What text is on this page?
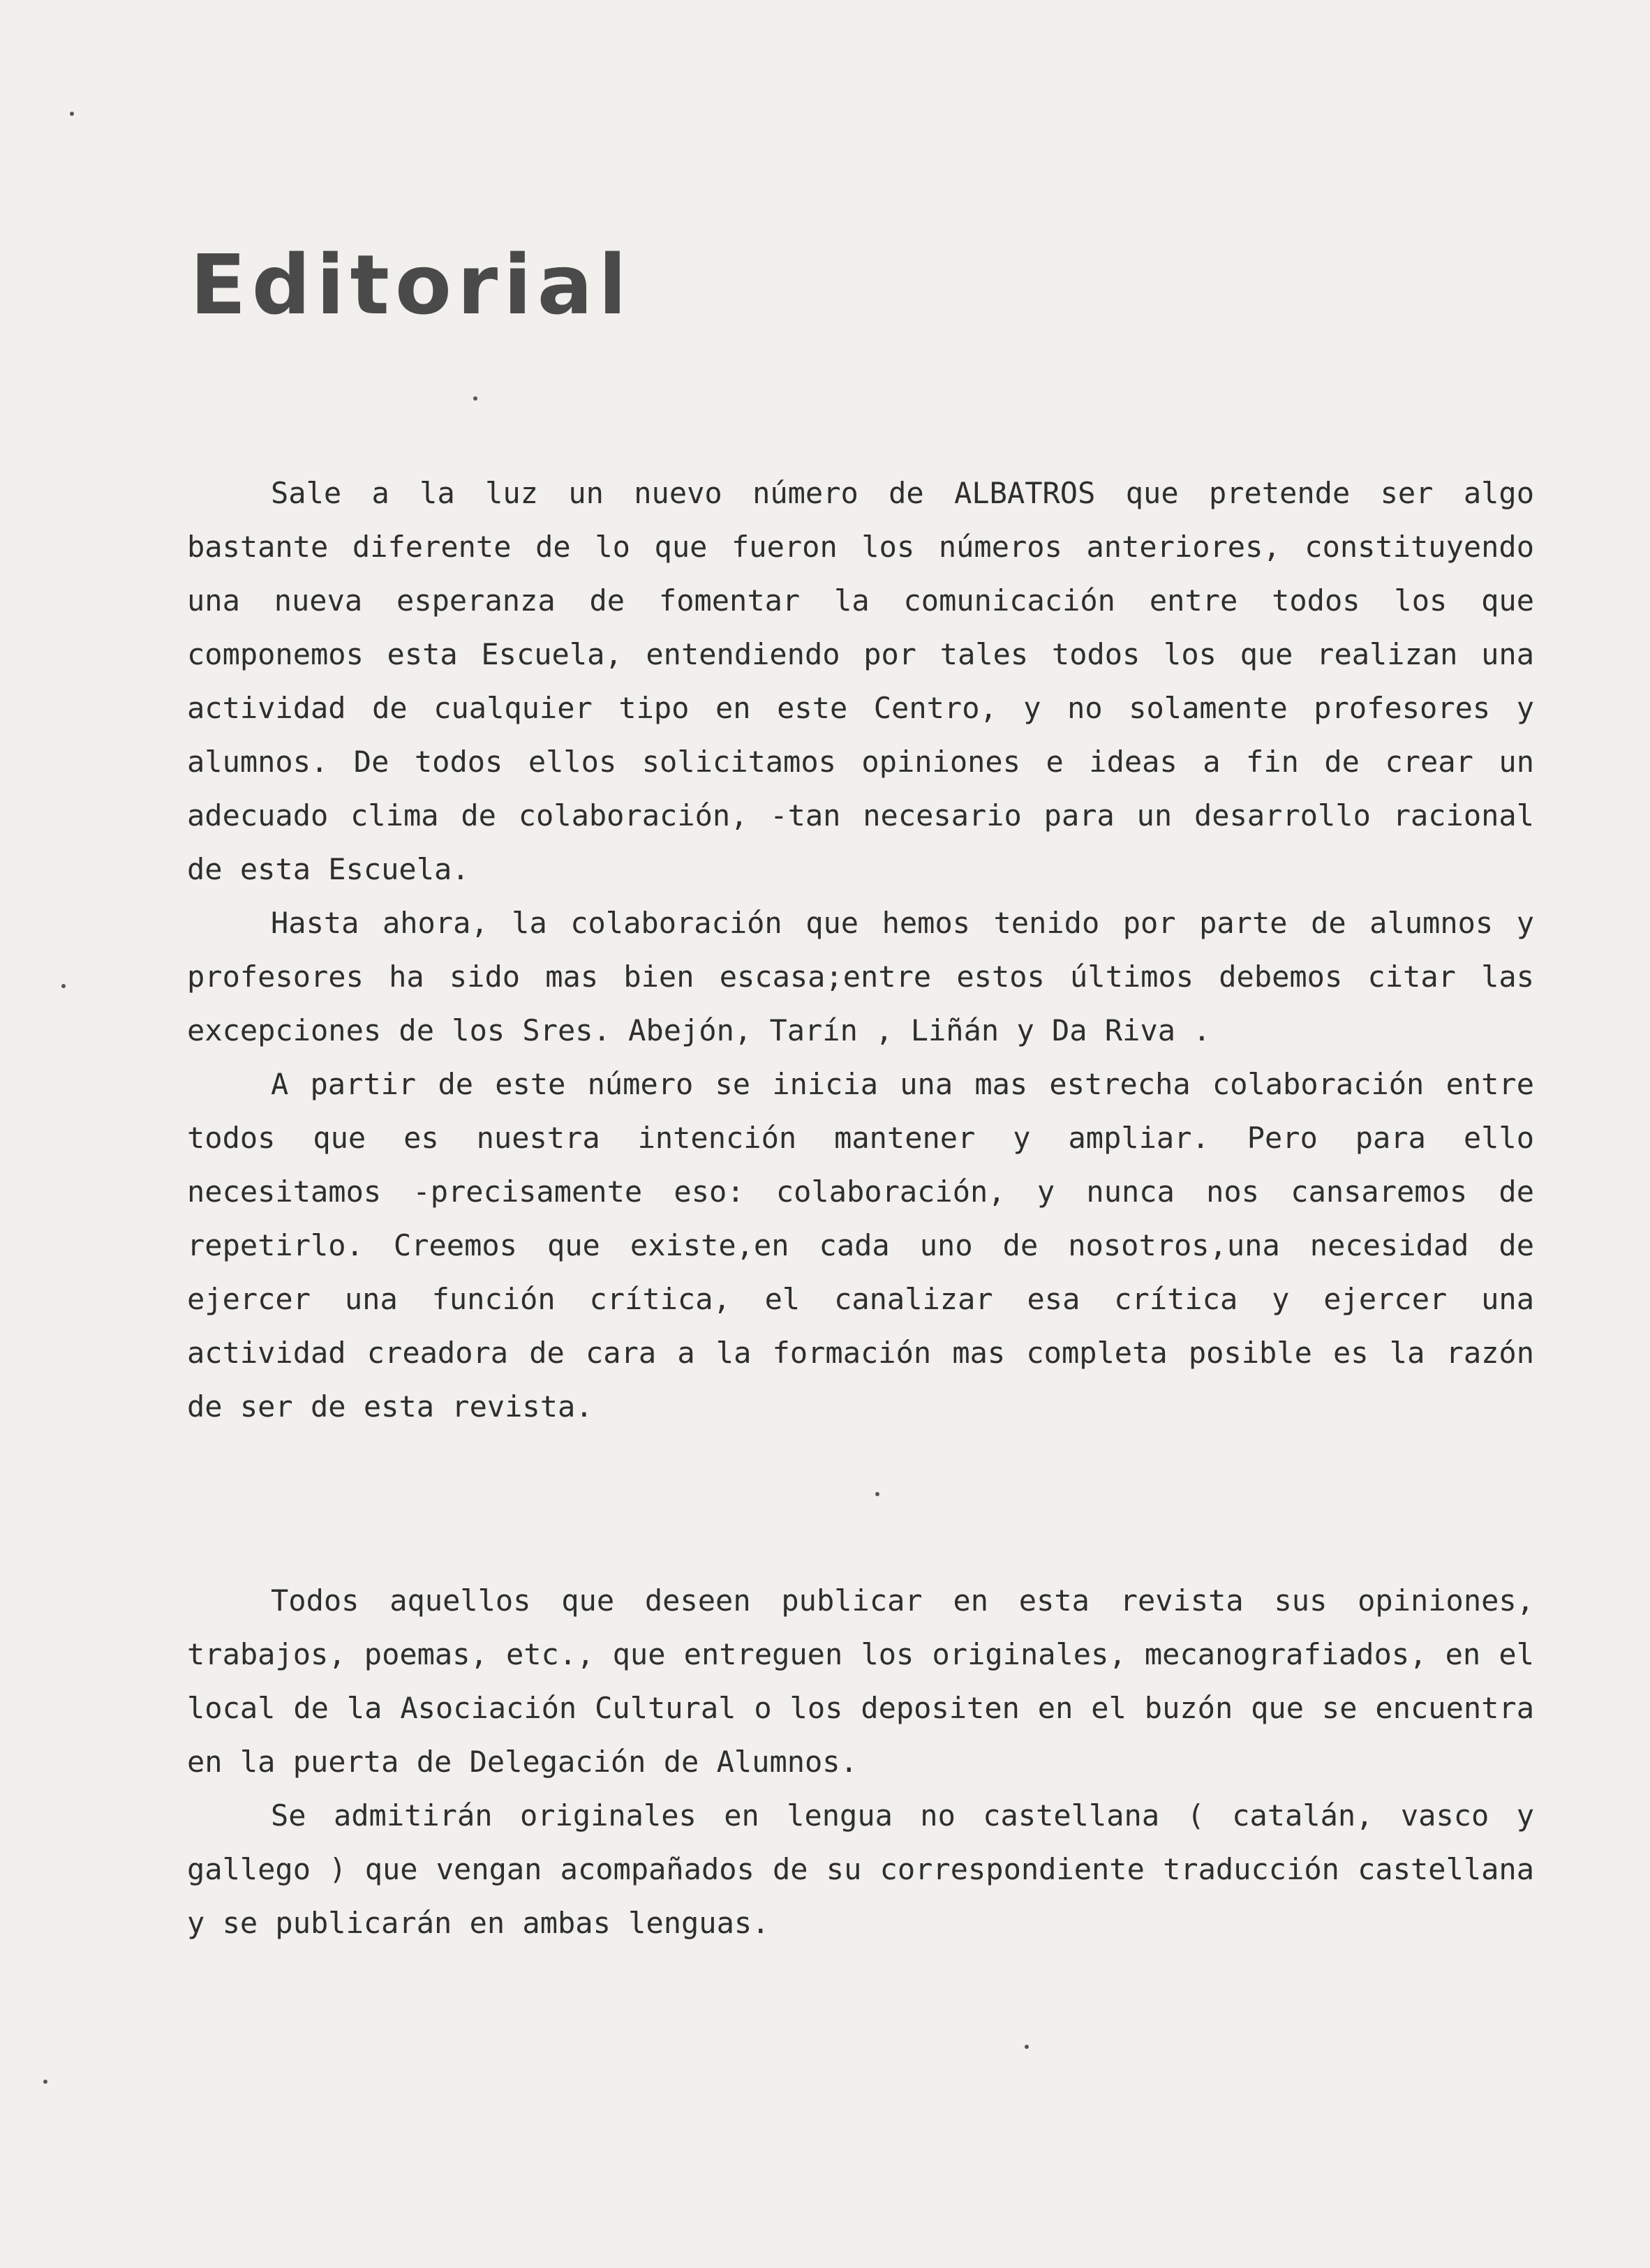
Editorial

Sale a la luz un nuevo número de ALBATROS que pretende ser algo bastante diferente de lo que fueron los números anteriores, constituyendo una nueva esperanza de fomentar la comunicación entre todos los que componemos esta Escuela, entendiendo por tales todos los que realizan una actividad de cualquier tipo en este Centro, y no solamente profesores y alumnos. De todos ellos solicitamos opiniones e ideas a fin de crear un adecuado clima de colaboración, -tan necesario para un desarrollo racional de esta Escuela.

Hasta ahora, la colaboración que hemos tenido por parte de alumnos y profesores ha sido mas bien escasa;entre estos últimos debemos citar las excepciones de los Sres. Abejón, Tarín , Liñán y Da Riva .

A partir de este número se inicia una mas estrecha colaboración entre todos que es nuestra intención mantener y ampliar. Pero para ello necesitamos -precisamente eso: colaboración, y nunca nos cansaremos de repetirlo. Creemos que existe,en cada uno de nosotros,una necesidad de ejercer una función crítica, el canalizar esa crítica y ejercer una actividad creadora de cara a la formación mas completa posible es la razón de ser de esta revista.

Todos aquellos que deseen publicar en esta revista sus opiniones, trabajos, poemas, etc., que entreguen los originales, mecanografiados, en el local de la Asociación Cultural o los depositen en el buzón que se encuentra en la puerta de Delegación de Alumnos.

Se admitirán originales en lengua no castellana ( catalán, vasco y gallego ) que vengan acompañados de su correspondiente traducción castellana y se publicarán en ambas lenguas.
